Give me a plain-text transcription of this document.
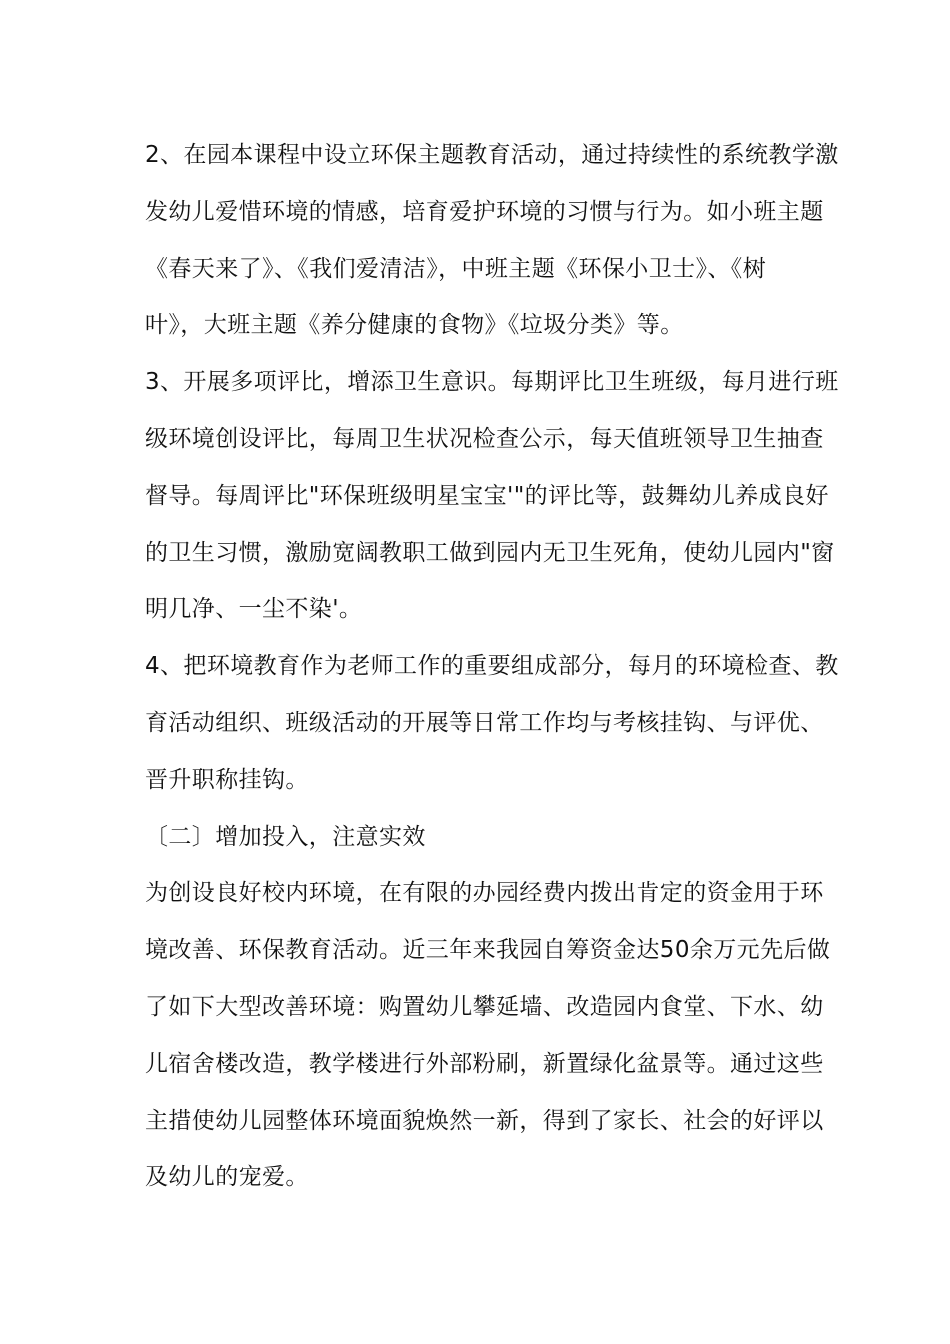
2、在园本课程中设立环保主题教育活动，通过持续性的系统教学激
发幼儿爱惜环境的情感，培育爱护环境的习惯与行为。如小班主题
《春天来了》、《我们爱清洁》，中班主题《环保小卫士》、《树
叶》，大班主题《养分健康的食物》《垃圾分类》等。
3、开展多项评比，增添卫生意识。每期评比卫生班级，每月进行班
级环境创设评比，每周卫生状况检查公示，每天值班领导卫生抽查
督导。每周评比"环保班级明星宝宝'"的评比等，鼓舞幼儿养成良好
的卫生习惯，激励宽阔教职工做到园内无卫生死角，使幼儿园内"窗
明几净、一尘不染'。
4、把环境教育作为老师工作的重要组成部分，每月的环境检查、教
育活动组织、班级活动的开展等日常工作均与考核挂钩、与评优、
晋升职称挂钩。
〔二〕增加投入，注意实效
为创设良好校内环境，在有限的办园经费内拨出肯定的资金用于环
境改善、环保教育活动。近三年来我园自筹资金达50余万元先后做
了如下大型改善环境：购置幼儿攀延墙、改造园内食堂、下水、幼
儿宿舍楼改造，教学楼进行外部粉刷，新置绿化盆景等。通过这些
主措使幼儿园整体环境面貌焕然一新，得到了家长、社会的好评以
及幼儿的宠爱。
